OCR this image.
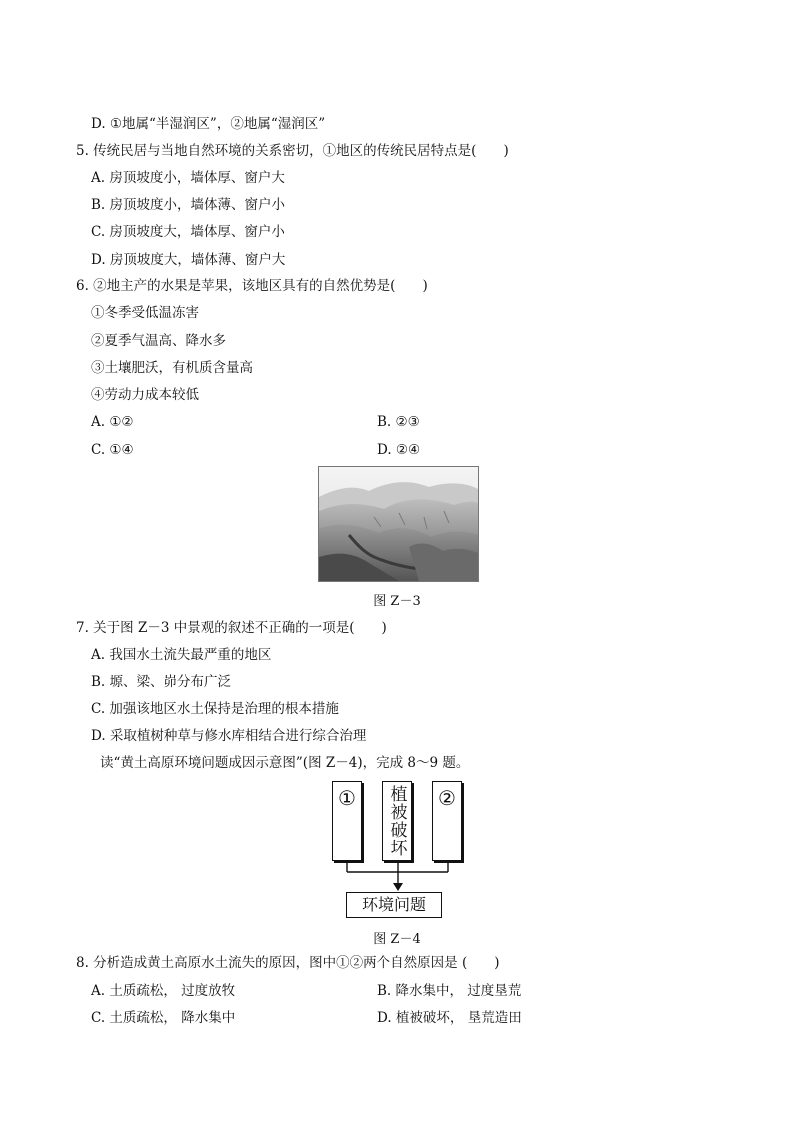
D. ①地属“半湿润区”，②地属“湿润区”
5. 传统民居与当地自然环境的关系密切，①地区的传统民居特点是(　　)
A. 房顶坡度小，墙体厚、窗户大
B. 房顶坡度小，墙体薄、窗户小
C. 房顶坡度大，墙体厚、窗户小
D. 房顶坡度大，墙体薄、窗户大
6. ②地主产的水果是苹果，该地区具有的自然优势是(　　)
①冬季受低温冻害
②夏季气温高、降水多
③土壤肥沃，有机质含量高
④劳动力成本较低
A. ①②	B. ②③
C. ①④	D. ②④
图 Z－3
7. 关于图 Z－3 中景观的叙述不正确的一项是(　　)
A. 我国水土流失最严重的地区
B. 塬、梁、峁分布广泛
C. 加强该地区水土保持是治理的根本措施
D. 采取植树种草与修水库相结合进行综合治理
读“黄土高原环境问题成因示意图”(图 Z－4)，完成 8～9 题。
①	植被破坏	②
环境问题
图 Z－4
8. 分析造成黄土高原水土流失的原因，图中①②两个自然原因是 (　　)
A. 土质疏松， 过度放牧	B. 降水集中， 过度垦荒
C. 土质疏松， 降水集中	D. 植被破坏， 垦荒造田
